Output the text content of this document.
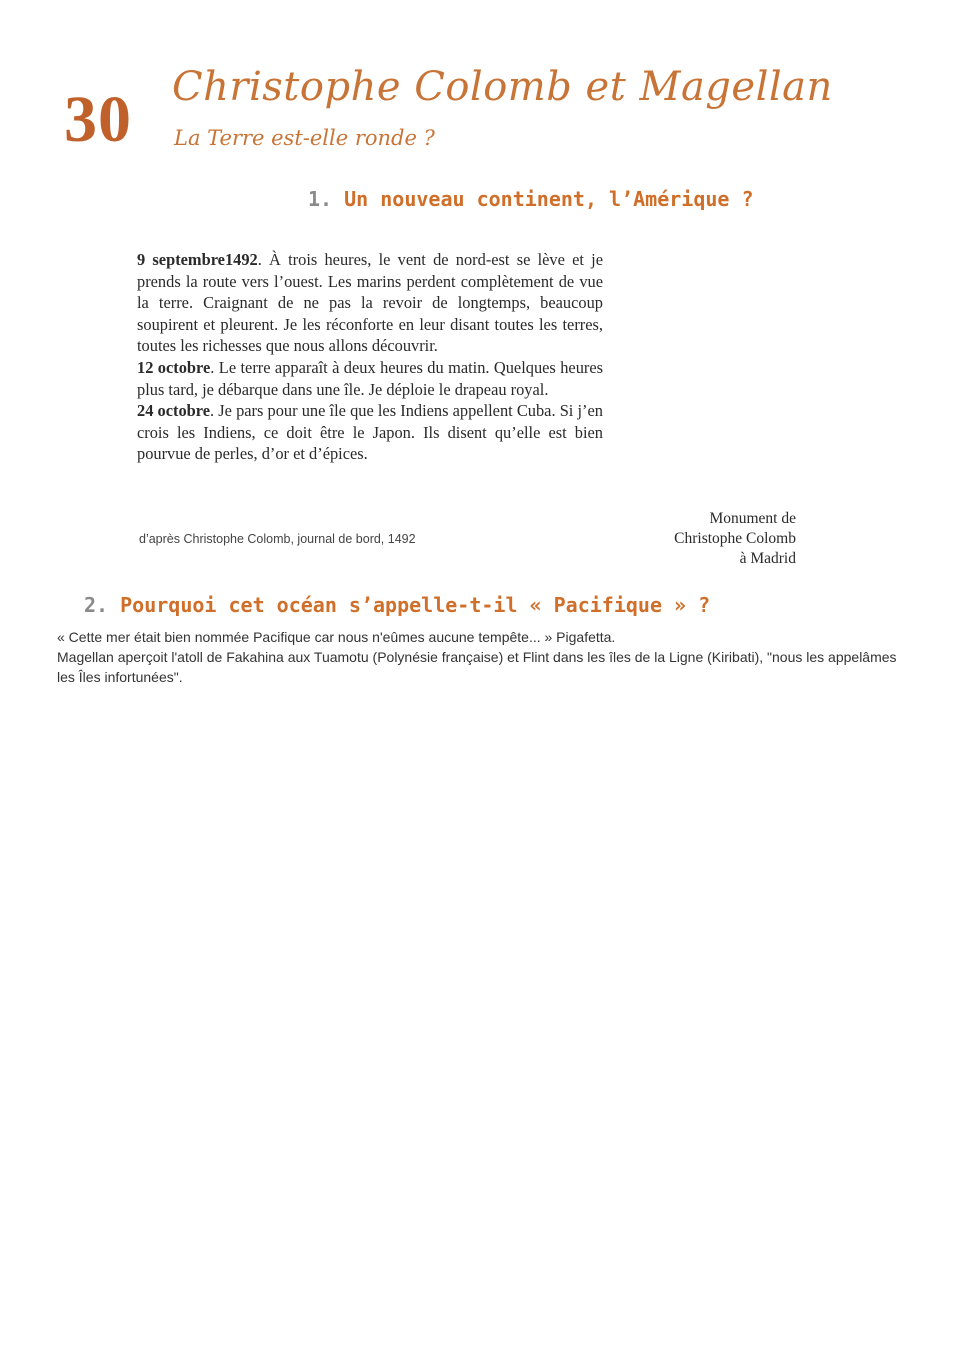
30 Christophe Colomb et Magellan
La Terre est-elle ronde ?
1. Un nouveau continent, l’Amérique ?

9 septembre1492. À trois heures, le vent de nord-est se lève et je prends la route vers l’ouest. Les marins perdent complètement de vue la terre. Craignant de ne pas la revoir de longtemps, beaucoup soupirent et pleurent. Je les réconforte en leur disant toutes les terres, toutes les richesses que nous allons découvrir.

12 octobre. Le terre apparaît à deux heures du matin. Quelques heures plus tard, je débarque dans une île. Je déploie le drapeau royal.

24 octobre. Je pars pour une île que les Indiens appellent Cuba. Si j’en crois les Indiens, ce doit être le Japon. Ils disent qu’elle est bien pourvue de perles, d’or et d’épices.

d’après Christophe Colomb, journal de bord, 1492
Monument de
Christophe Colomb
à Madrid
2. Pourquoi cet océan s’appelle-t-il « Pacifique » ?

« Cette mer était bien nommée Pacifique car nous n'eûmes aucune tempête... » Pigafetta.

Magellan aperçoit l'atoll de Fakahina aux Tuamotu (Polynésie française) et Flint dans les îles de la Ligne (Kiribati), "nous les appelâmes les Îles infortunées".
